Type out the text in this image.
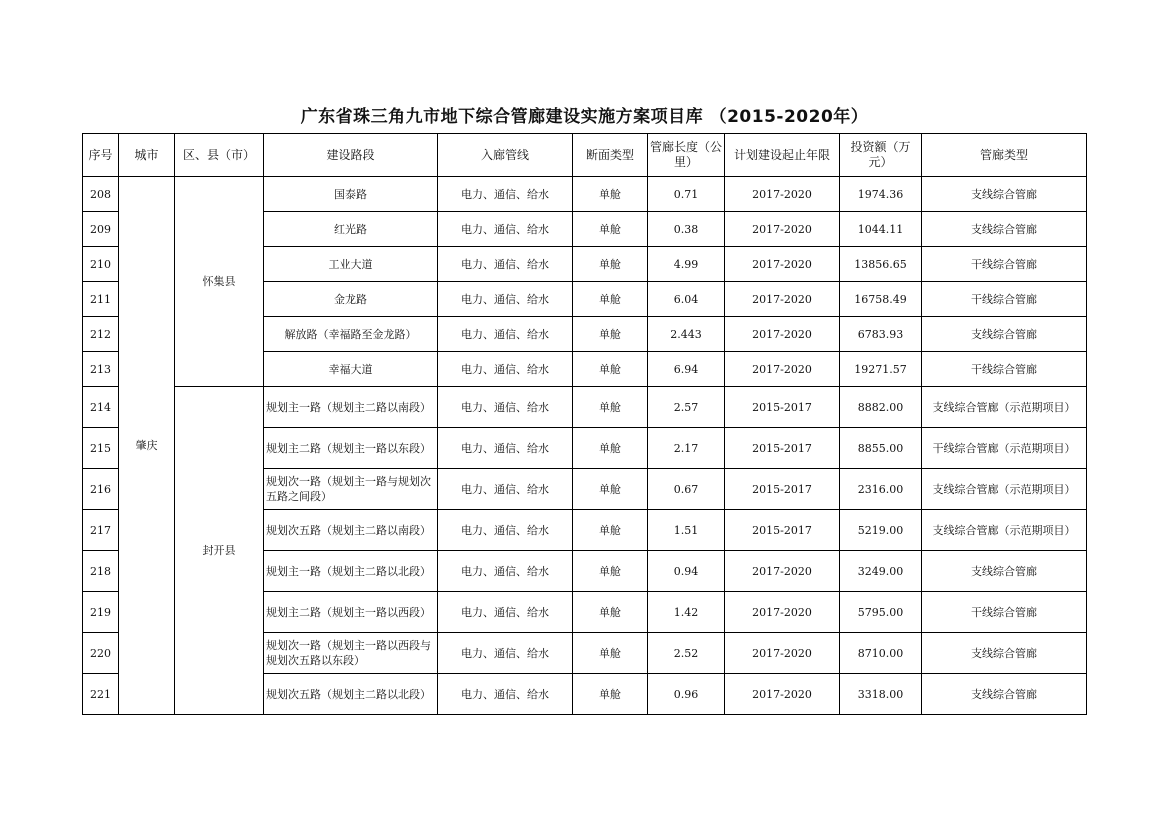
广东省珠三角九市地下综合管廊建设实施方案项目库 （2015-2020年）
序号	城市	区、县（市）	建设路段	入廊管线	断面类型	管廊长度（公里）	计划建设起止年限	投资额（万元）	管廊类型
208	肇庆	怀集县	国泰路	电力、通信、给水	单舱	0.71	2017-2020	1974.36	支线综合管廊
209			红光路	电力、通信、给水	单舱	0.38	2017-2020	1044.11	支线综合管廊
210			工业大道	电力、通信、给水	单舱	4.99	2017-2020	13856.65	干线综合管廊
211			金龙路	电力、通信、给水	单舱	6.04	2017-2020	16758.49	干线综合管廊
212			解放路（幸福路至金龙路）	电力、通信、给水	单舱	2.443	2017-2020	6783.93	支线综合管廊
213			幸福大道	电力、通信、给水	单舱	6.94	2017-2020	19271.57	干线综合管廊
214		封开县	规划主一路（规划主二路以南段）	电力、通信、给水	单舱	2.57	2015-2017	8882.00	支线综合管廊（示范期项目）
215			规划主二路（规划主一路以东段）	电力、通信、给水	单舱	2.17	2015-2017	8855.00	干线综合管廊（示范期项目）
216			规划次一路（规划主一路与规划次五路之间段）	电力、通信、给水	单舱	0.67	2015-2017	2316.00	支线综合管廊（示范期项目）
217			规划次五路（规划主二路以南段）	电力、通信、给水	单舱	1.51	2015-2017	5219.00	支线综合管廊（示范期项目）
218			规划主一路（规划主二路以北段）	电力、通信、给水	单舱	0.94	2017-2020	3249.00	支线综合管廊
219			规划主二路（规划主一路以西段）	电力、通信、给水	单舱	1.42	2017-2020	5795.00	干线综合管廊
220			规划次一路（规划主一路以西段与规划次五路以东段）	电力、通信、给水	单舱	2.52	2017-2020	8710.00	支线综合管廊
221			规划次五路（规划主二路以北段）	电力、通信、给水	单舱	0.96	2017-2020	3318.00	支线综合管廊
